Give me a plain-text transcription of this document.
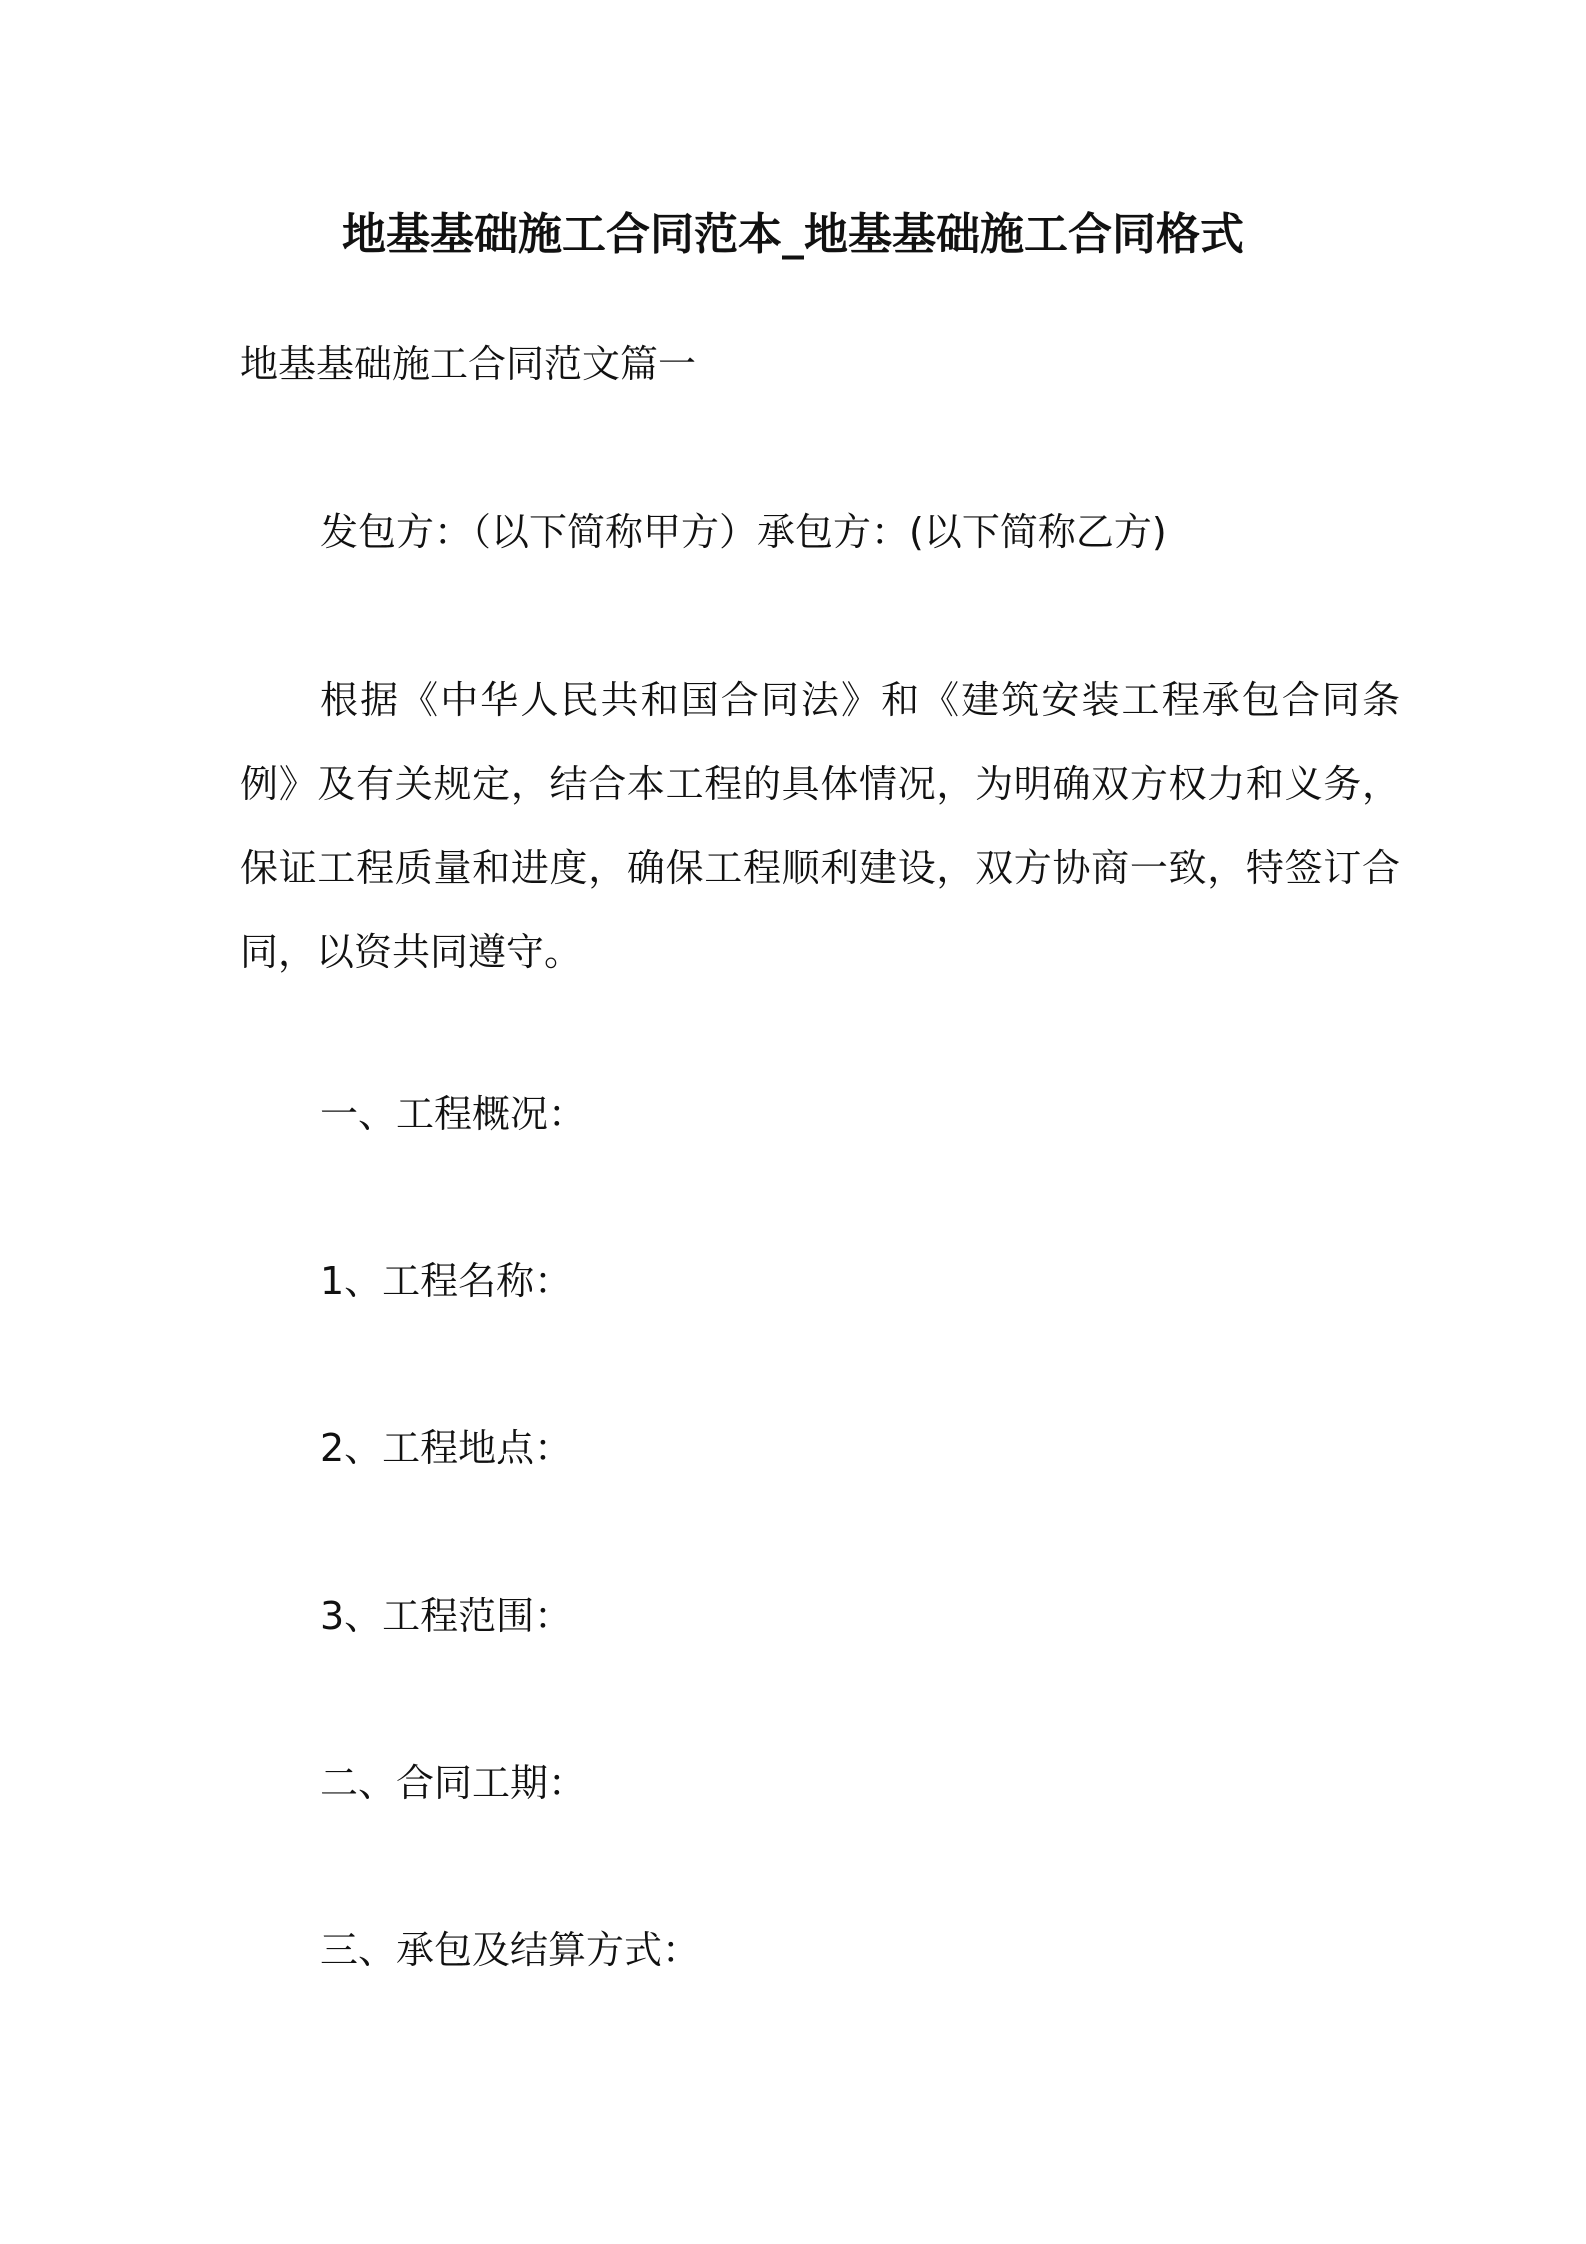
地基基础施工合同范本_地基基础施工合同格式
地基基础施工合同范文篇一
发包方：（以下简称甲方）承包方：(以下简称乙方)

根据《中华人民共和国合同法》和《建筑安装工程承包合同条例》及有关规定，结合本工程的具体情况，为明确双方权力和义务，保证工程质量和进度，确保工程顺利建设，双方协商一致，特签订合同，以资共同遵守。

一、工程概况：
1、工程名称：
2、工程地点：
3、工程范围：
二、合同工期：
三、承包及结算方式：
